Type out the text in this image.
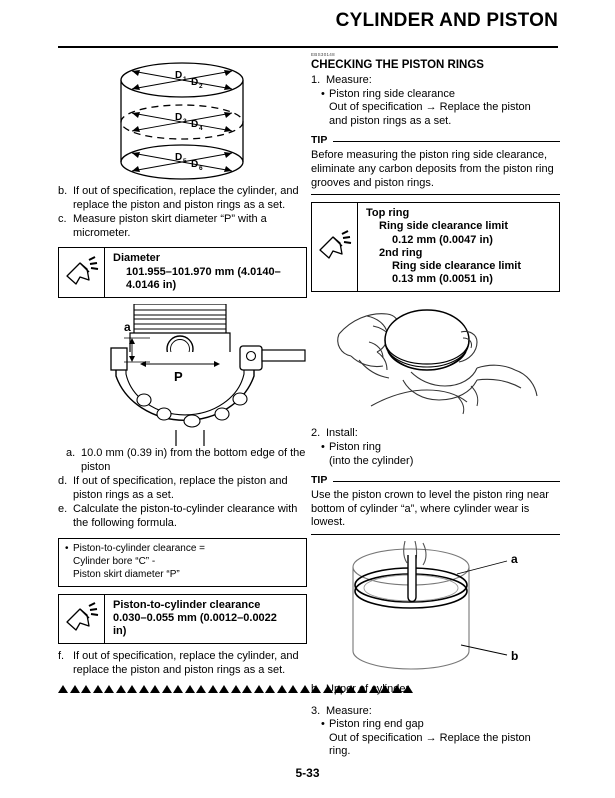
CYLINDER AND PISTON
D 1 D 2
D 3 D 4
D 5 D 6
b. If out of specification, replace the cylinder, and replace the piston and piston rings as a set.
c. Measure piston skirt diameter “P” with a micrometer.
Diameter
101.955–101.970 mm (4.0140–
4.0146 in)
a
P
a. 10.0 mm (0.39 in) from the bottom edge of the piston
d. If out of specification, replace the piston and piston rings as a set.
e. Calculate the piston-to-cylinder clearance with the following formula.
• Piston-to-cylinder clearance =
Cylinder bore “C” -
Piston skirt diameter “P”
Piston-to-cylinder clearance
0.030–0.055 mm (0.0012–0.0022
in)
f. If out of specification, replace the cylinder, and replace the piston and piston rings as a set.
EBS30148
CHECKING THE PISTON RINGS
1. Measure:
• Piston ring side clearance
Out of specification → Replace the piston
and piston rings as a set.
TIP
Before measuring the piston ring side clearance, eliminate any carbon deposits from the piston ring grooves and piston rings.
Top ring
Ring side clearance limit
0.12 mm (0.0047 in)
2nd ring
Ring side clearance limit
0.13 mm (0.0051 in)
2. Install:
• Piston ring
(into the cylinder)
TIP
Use the piston crown to level the piston ring near bottom of cylinder “a”, where cylinder wear is lowest.
a
b
b. Upper of cylinder
3. Measure:
• Piston ring end gap
Out of specification → Replace the piston
ring.
5-33
